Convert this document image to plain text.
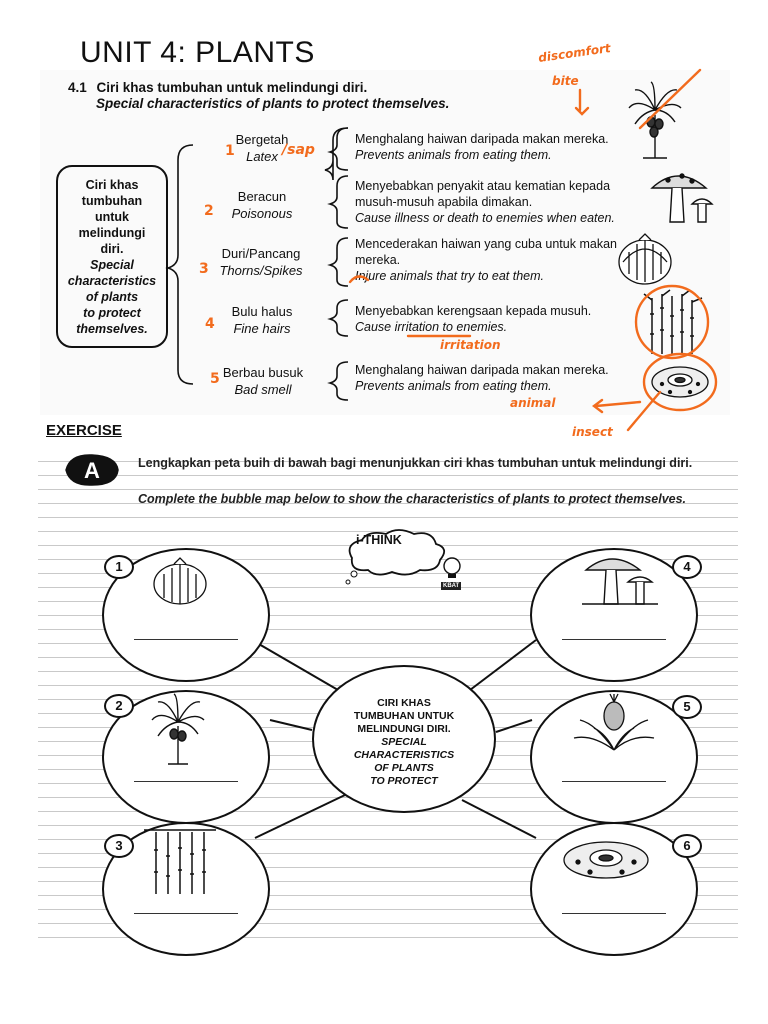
UNIT 4: PLANTS
4.1 Ciri khas tumbuhan untuk melindungi diri.
Special characteristics of plants to protect themselves.
Ciri khas
tumbuhan
untuk
melindungi
diri.
Special
characteristics
of plants
to protect
themselves.
Bergetah
Latex
Beracun
Poisonous
Duri/Pancang
Thorns/Spikes
Bulu halus
Fine hairs
Berbau busuk
Bad smell
Menghalang haiwan daripada makan mereka.
Prevents animals from eating them.
Menyebabkan penyakit atau kematian kepada musuh-musuh apabila dimakan.
Cause illness or death to enemies when eaten.
Mencederakan haiwan yang cuba untuk makan mereka.
Injure animals that try to eat them.
Menyebabkan kerengsaan kepada musuh.
Cause irritation to enemies.
Menghalang haiwan daripada makan mereka.
Prevents animals from eating them.
1	/sap
2
3
4
5
irritation
discomfort
bite
animal
insect
EXERCISE
A	Lengkapkan peta buih di bawah bagi menunjukkan ciri khas tumbuhan untuk melindungi diri.
Complete the bubble map below to show the characteristics of plants to protect themselves.
i-THINK
KBAT
1
2
3
4
5
6
CIRI KHAS
TUMBUHAN UNTUK
MELINDUNGI DIRI.
SPECIAL
CHARACTERISTICS
OF PLANTS
TO PROTECT
